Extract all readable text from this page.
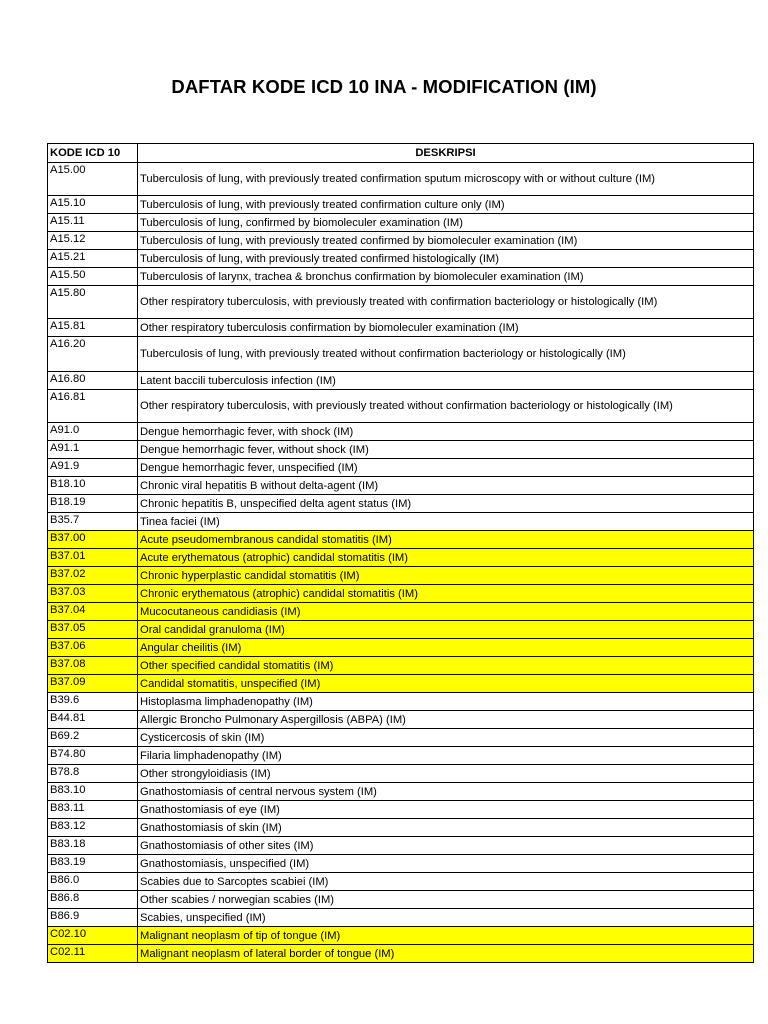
DAFTAR KODE ICD 10 INA - MODIFICATION (IM)
KODE ICD 10	DESKRIPSI
A15.00	Tuberculosis of lung, with previously treated confirmation sputum microscopy with or without culture (IM)
A15.10	Tuberculosis of lung, with previously treated confirmation culture only (IM)
A15.11	Tuberculosis of lung, confirmed by biomoleculer examination (IM)
A15.12	Tuberculosis of lung, with previously treated confirmed by biomoleculer examination (IM)
A15.21	Tuberculosis of lung, with previously treated confirmed histologically (IM)
A15.50	Tuberculosis of larynx, trachea & bronchus confirmation by biomoleculer examination (IM)
A15.80	Other respiratory tuberculosis, with previously treated with confirmation bacteriology or histologically (IM)
A15.81	Other respiratory tuberculosis confirmation by biomoleculer examination (IM)
A16.20	Tuberculosis of lung, with previously treated without confirmation bacteriology or histologically (IM)
A16.80	Latent baccili tuberculosis infection (IM)
A16.81	Other respiratory tuberculosis, with previously treated without confirmation bacteriology or histologically (IM)
A91.0	Dengue hemorrhagic fever, with shock (IM)
A91.1	Dengue hemorrhagic fever, without shock (IM)
A91.9	Dengue hemorrhagic fever, unspecified (IM)
B18.10	Chronic viral hepatitis B without delta-agent (IM)
B18.19	Chronic hepatitis B, unspecified delta agent status (IM)
B35.7	Tinea faciei (IM)
B37.00	Acute pseudomembranous candidal stomatitis (IM)
B37.01	Acute erythematous (atrophic) candidal stomatitis (IM)
B37.02	Chronic hyperplastic candidal stomatitis (IM)
B37.03	Chronic erythematous (atrophic) candidal stomatitis (IM)
B37.04	Mucocutaneous candidiasis (IM)
B37.05	Oral candidal granuloma (IM)
B37.06	Angular cheilitis (IM)
B37.08	Other specified candidal stomatitis (IM)
B37.09	Candidal stomatitis, unspecified (IM)
B39.6	Histoplasma limphadenopathy (IM)
B44.81	Allergic Broncho Pulmonary Aspergillosis (ABPA) (IM)
B69.2	Cysticercosis of skin (IM)
B74.80	Filaria limphadenopathy (IM)
B78.8	Other strongyloidiasis (IM)
B83.10	Gnathostomiasis of central nervous system (IM)
B83.11	Gnathostomiasis of eye (IM)
B83.12	Gnathostomiasis of skin (IM)
B83.18	Gnathostomiasis of other sites (IM)
B83.19	Gnathostomiasis, unspecified (IM)
B86.0	Scabies due to Sarcoptes scabiei (IM)
B86.8	Other scabies / norwegian scabies (IM)
B86.9	Scabies, unspecified (IM)
C02.10	Malignant neoplasm of tip of tongue (IM)
C02.11	Malignant neoplasm of lateral border of tongue (IM)
